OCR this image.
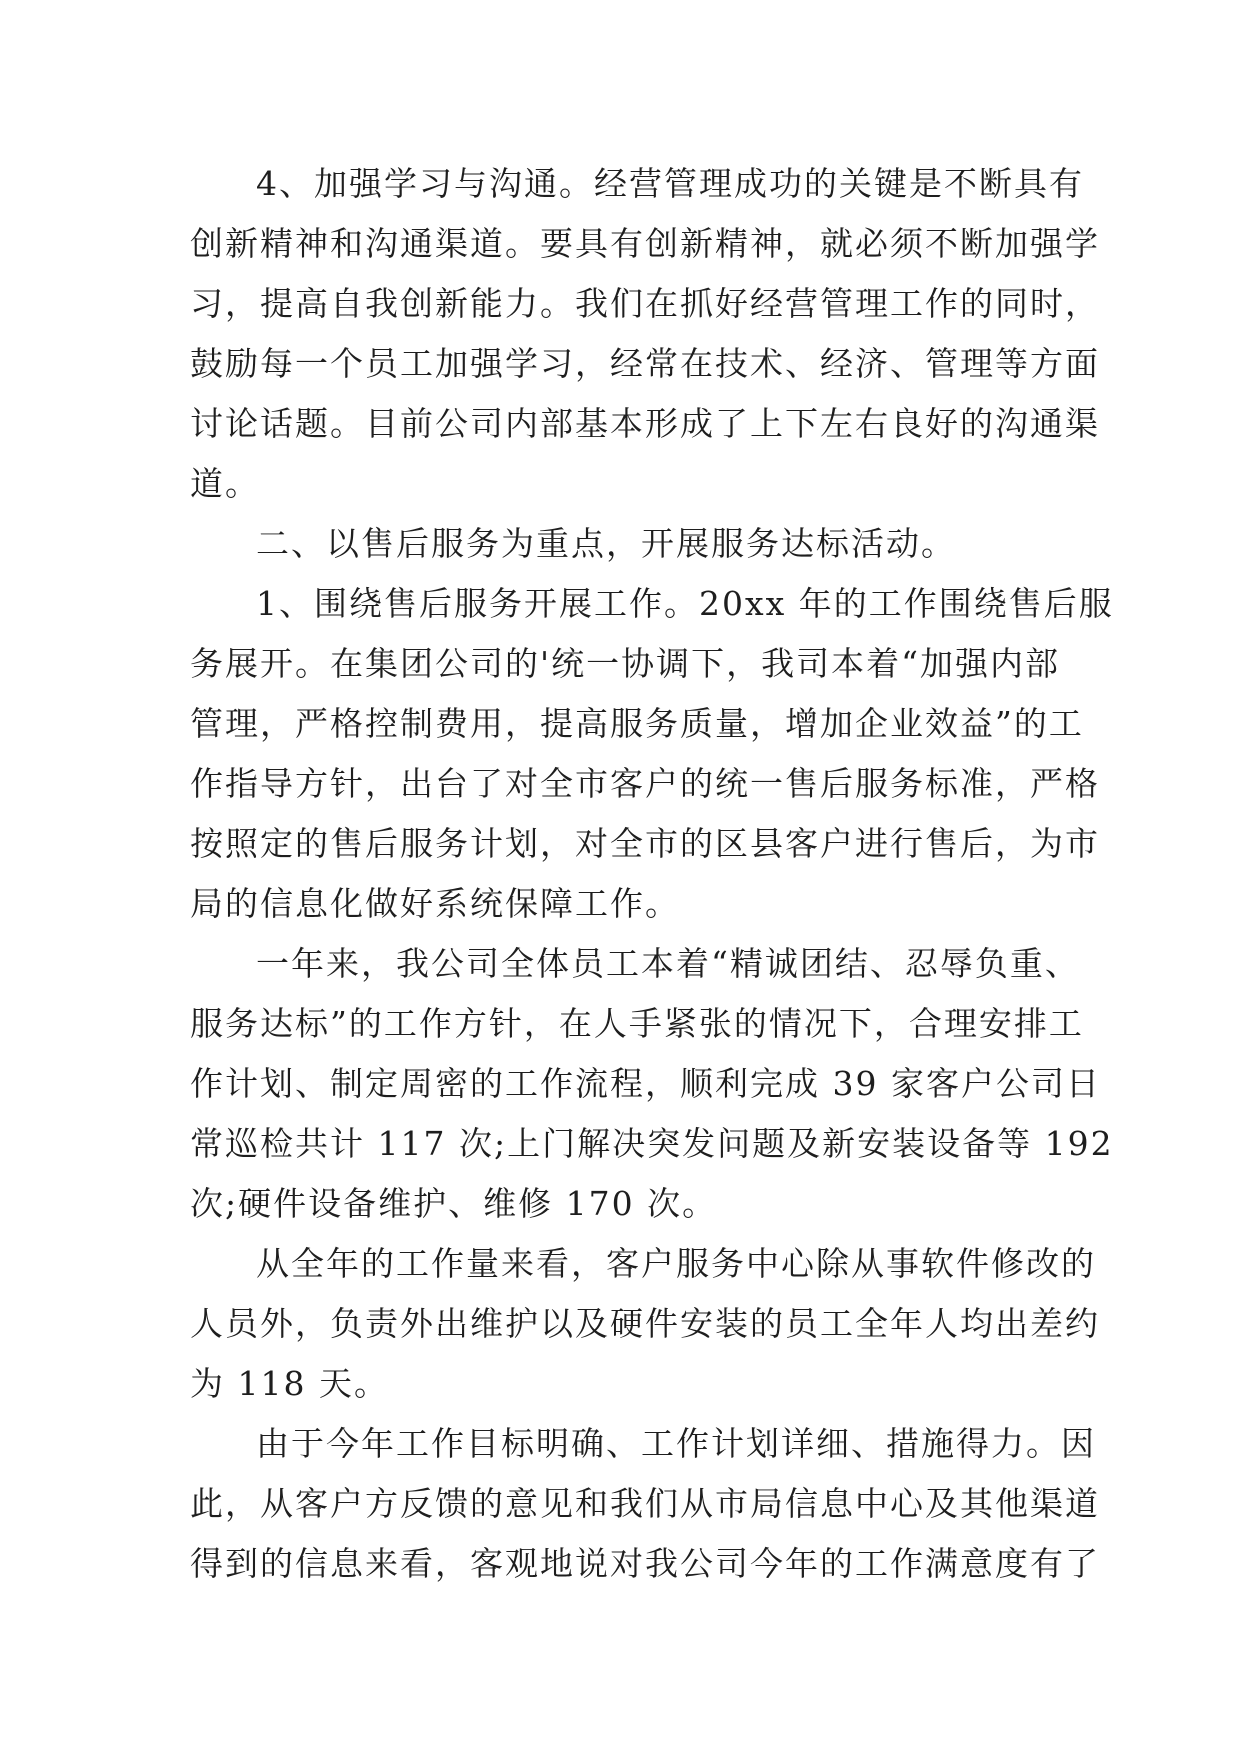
4、加强学习与沟通。经营管理成功的关键是不断具有
创新精神和沟通渠道。要具有创新精神，就必须不断加强学
习，提高自我创新能力。我们在抓好经营管理工作的同时，
鼓励每一个员工加强学习，经常在技术、经济、管理等方面
讨论话题。目前公司内部基本形成了上下左右良好的沟通渠
道。
二、以售后服务为重点，开展服务达标活动。
1、围绕售后服务开展工作。20xx 年的工作围绕售后服
务展开。在集团公司的'统一协调下，我司本着“加强内部
管理，严格控制费用，提高服务质量，增加企业效益”的工
作指导方针，出台了对全市客户的统一售后服务标准，严格
按照定的售后服务计划，对全市的区县客户进行售后，为市
局的信息化做好系统保障工作。
一年来，我公司全体员工本着“精诚团结、忍辱负重、
服务达标”的工作方针，在人手紧张的情况下，合理安排工
作计划、制定周密的工作流程，顺利完成 39 家客户公司日
常巡检共计 117 次;上门解决突发问题及新安装设备等 192
次;硬件设备维护、维修 170 次。
从全年的工作量来看，客户服务中心除从事软件修改的
人员外，负责外出维护以及硬件安装的员工全年人均出差约
为 118 天。
由于今年工作目标明确、工作计划详细、措施得力。因
此，从客户方反馈的意见和我们从市局信息中心及其他渠道
得到的信息来看，客观地说对我公司今年的工作满意度有了
